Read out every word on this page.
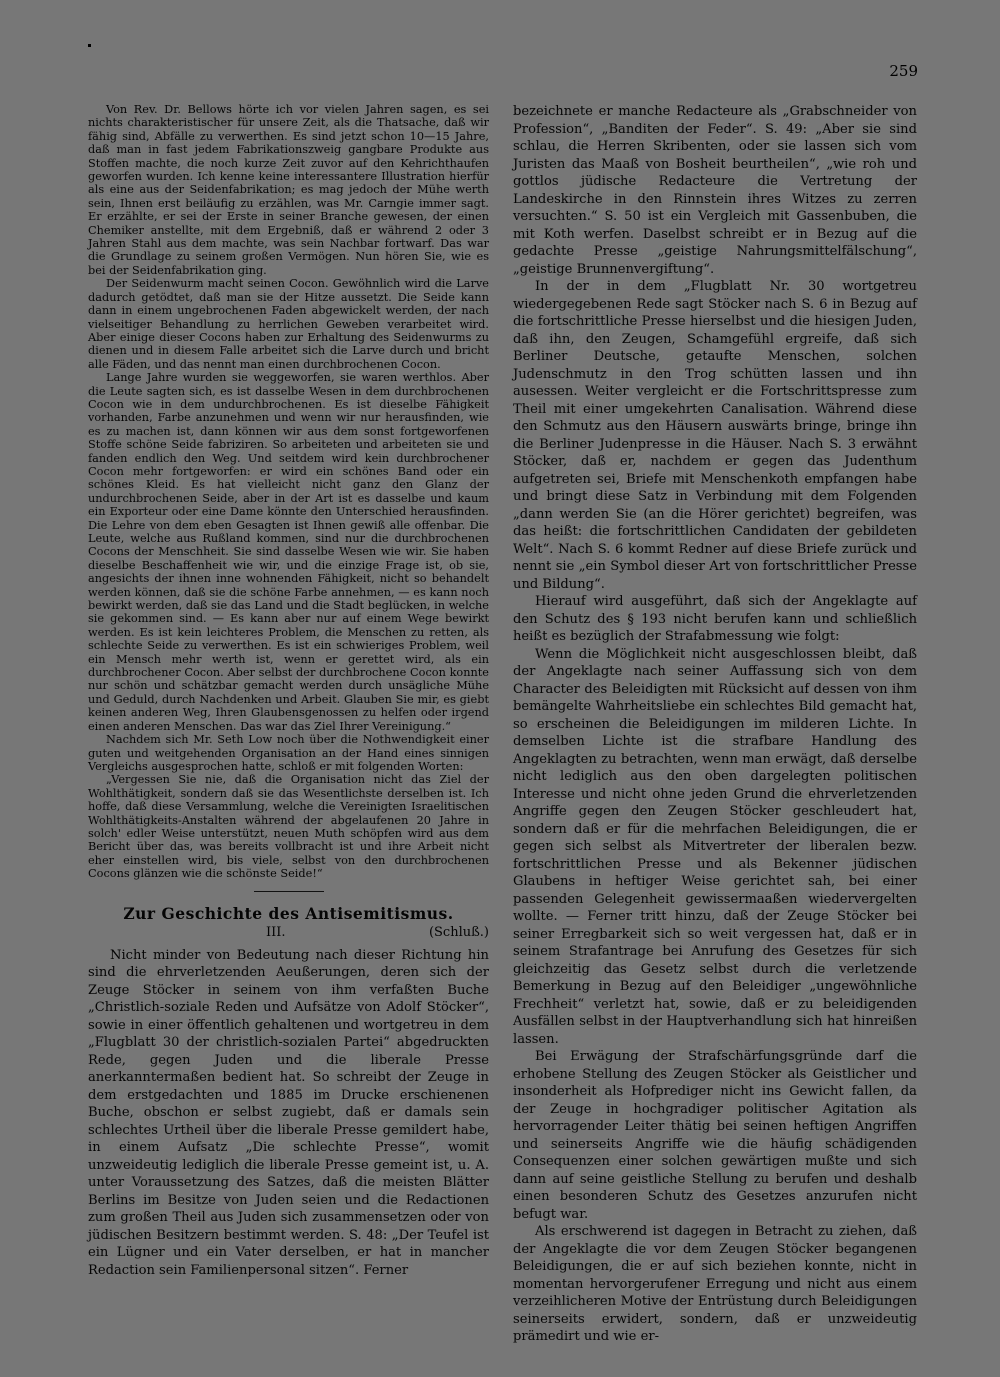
259

Von Rev. Dr. Bellows hörte ich vor vielen Jahren sagen, es sei nichts charakteristischer für unsere Zeit, als die Thatsache, daß wir fähig sind, Abfälle zu verwerthen. Es sind jetzt schon 10—15 Jahre, daß man in fast jedem Fabrikationszweig gangbare Produkte aus Stoffen machte, die noch kurze Zeit zuvor auf den Kehrichthaufen geworfen wurden. Ich kenne keine interessantere Illustration hierfür als eine aus der Seidenfabrikation; es mag jedoch der Mühe werth sein, Ihnen erst beiläufig zu erzählen, was Mr. Carngie immer sagt. Er erzählte, er sei der Erste in seiner Branche gewesen, der einen Chemiker anstellte, mit dem Ergebniß, daß er während 2 oder 3 Jahren Stahl aus dem machte, was sein Nachbar fortwarf. Das war die Grundlage zu seinem großen Vermögen. Nun hören Sie, wie es bei der Seidenfabrikation ging.

Der Seidenwurm macht seinen Cocon. Gewöhnlich wird die Larve dadurch getödtet, daß man sie der Hitze aussetzt. Die Seide kann dann in einem ungebrochenen Faden abgewickelt werden, der nach vielseitiger Behandlung zu herrlichen Geweben verarbeitet wird. Aber einige dieser Cocons haben zur Erhaltung des Seidenwurms zu dienen und in diesem Falle arbeitet sich die Larve durch und bricht alle Fäden, und das nennt man einen durchbrochenen Cocon.

Lange Jahre wurden sie weggeworfen, sie waren werthlos. Aber die Leute sagten sich, es ist dasselbe Wesen in dem durchbrochenen Cocon wie in dem undurchbrochenen. Es ist dieselbe Fähigkeit vorhanden, Farbe anzunehmen und wenn wir nur herausfinden, wie es zu machen ist, dann können wir aus dem sonst fortgeworfenen Stoffe schöne Seide fabriziren. So arbeiteten und arbeiteten sie und fanden endlich den Weg. Und seitdem wird kein durchbrochener Cocon mehr fortgeworfen: er wird ein schönes Band oder ein schönes Kleid. Es hat vielleicht nicht ganz den Glanz der undurchbrochenen Seide, aber in der Art ist es dasselbe und kaum ein Exporteur oder eine Dame könnte den Unterschied herausfinden. Die Lehre von dem eben Gesagten ist Ihnen gewiß alle offenbar. Die Leute, welche aus Rußland kommen, sind nur die durchbrochenen Cocons der Menschheit. Sie sind dasselbe Wesen wie wir. Sie haben dieselbe Beschaffenheit wie wir, und die einzige Frage ist, ob sie, angesichts der ihnen inne wohnenden Fähigkeit, nicht so behandelt werden können, daß sie die schöne Farbe annehmen, — es kann noch bewirkt werden, daß sie das Land und die Stadt beglücken, in welche sie gekommen sind. — Es kann aber nur auf einem Wege bewirkt werden. Es ist kein leichteres Problem, die Menschen zu retten, als schlechte Seide zu verwerthen. Es ist ein schwieriges Problem, weil ein Mensch mehr werth ist, wenn er gerettet wird, als ein durchbrochener Cocon. Aber selbst der durchbrochene Cocon konnte nur schön und schätzbar gemacht werden durch unsägliche Mühe und Geduld, durch Nachdenken und Arbeit. Glauben Sie mir, es giebt keinen anderen Weg, Ihren Glaubensgenossen zu helfen oder irgend einen anderen Menschen. Das war das Ziel Ihrer Vereinigung.“

Nachdem sich Mr. Seth Low noch über die Nothwendigkeit einer guten und weitgehenden Organisation an der Hand eines sinnigen Vergleichs ausgesprochen hatte, schloß er mit folgenden Worten:

„Vergessen Sie nie, daß die Organisation nicht das Ziel der Wohlthätigkeit, sondern daß sie das Wesentlichste derselben ist. Ich hoffe, daß diese Versammlung, welche die Vereinigten Israelitischen Wohlthätigkeits-Anstalten während der abgelaufenen 20 Jahre in solch' edler Weise unterstützt, neuen Muth schöpfen wird aus dem Bericht über das, was bereits vollbracht ist und ihre Arbeit nicht eher einstellen wird, bis viele, selbst von den durchbrochenen Cocons glänzen wie die schönste Seide!“

Zur Geschichte des Antisemitismus.

III.	(Schluß.)

Nicht minder von Bedeutung nach dieser Richtung hin sind die ehrverletzenden Aeußerungen, deren sich der Zeuge Stöcker in seinem von ihm verfaßten Buche „Christlich-soziale Reden und Aufsätze von Adolf Stöcker“, sowie in einer öffentlich gehaltenen und wortgetreu in dem „Flugblatt 30 der christlich-sozialen Partei“ abgedruckten Rede, gegen Juden und die liberale Presse anerkanntermaßen bedient hat. So schreibt der Zeuge in dem erstgedachten und 1885 im Drucke erschienenen Buche, obschon er selbst zugiebt, daß er damals sein schlechtes Urtheil über die liberale Presse gemildert habe, in einem Aufsatz „Die schlechte Presse“, womit unzweideutig lediglich die liberale Presse gemeint ist, u. A. unter Voraussetzung des Satzes, daß die meisten Blätter Berlins im Besitze von Juden seien und die Redactionen zum großen Theil aus Juden sich zusammensetzen oder von jüdischen Besitzern bestimmt werden. S. 48: „Der Teufel ist ein Lügner und ein Vater derselben, er hat in mancher Redaction sein Familienpersonal sitzen“. Ferner

bezeichnete er manche Redacteure als „Grabschneider von Profession“, „Banditen der Feder“. S. 49: „Aber sie sind schlau, die Herren Skribenten, oder sie lassen sich vom Juristen das Maaß von Bosheit beurtheilen“, „wie roh und gottlos jüdische Redacteure die Vertretung der Landeskirche in den Rinnstein ihres Witzes zu zerren versuchten.“ S. 50 ist ein Vergleich mit Gassenbuben, die mit Koth werfen. Daselbst schreibt er in Bezug auf die gedachte Presse „geistige Nahrungsmittelfälschung“, „geistige Brunnenvergiftung“.

In der in dem „Flugblatt Nr. 30 wortgetreu wiedergegebenen Rede sagt Stöcker nach S. 6 in Bezug auf die fortschrittliche Presse hierselbst und die hiesigen Juden, daß ihn, den Zeugen, Schamgefühl ergreife, daß sich Berliner Deutsche, getaufte Menschen, solchen Judenschmutz in den Trog schütten lassen und ihn ausessen. Weiter vergleicht er die Fortschrittspresse zum Theil mit einer umgekehrten Canalisation. Während diese den Schmutz aus den Häusern auswärts bringe, bringe ihn die Berliner Judenpresse in die Häuser. Nach S. 3 erwähnt Stöcker, daß er, nachdem er gegen das Judenthum aufgetreten sei, Briefe mit Menschenkoth empfangen habe und bringt diese Satz in Verbindung mit dem Folgenden „dann werden Sie (an die Hörer gerichtet) begreifen, was das heißt: die fortschrittlichen Candidaten der gebildeten Welt“. Nach S. 6 kommt Redner auf diese Briefe zurück und nennt sie „ein Symbol dieser Art von fortschrittlicher Presse und Bildung“.

Hierauf wird ausgeführt, daß sich der Angeklagte auf den Schutz des § 193 nicht berufen kann und schließlich heißt es bezüglich der Strafabmessung wie folgt:

Wenn die Möglichkeit nicht ausgeschlossen bleibt, daß der Angeklagte nach seiner Auffassung sich von dem Character des Beleidigten mit Rücksicht auf dessen von ihm bemängelte Wahrheitsliebe ein schlechtes Bild gemacht hat, so erscheinen die Beleidigungen im milderen Lichte. In demselben Lichte ist die strafbare Handlung des Angeklagten zu betrachten, wenn man erwägt, daß derselbe nicht lediglich aus den oben dargelegten politischen Interesse und nicht ohne jeden Grund die ehrverletzenden Angriffe gegen den Zeugen Stöcker geschleudert hat, sondern daß er für die mehrfachen Beleidigungen, die er gegen sich selbst als Mitvertreter der liberalen bezw. fortschrittlichen Presse und als Bekenner jüdischen Glaubens in heftiger Weise gerichtet sah, bei einer passenden Gelegenheit gewissermaaßen wiedervergelten wollte. — Ferner tritt hinzu, daß der Zeuge Stöcker bei seiner Erregbarkeit sich so weit vergessen hat, daß er in seinem Strafantrage bei Anrufung des Gesetzes für sich gleichzeitig das Gesetz selbst durch die verletzende Bemerkung in Bezug auf den Beleidiger „ungewöhnliche Frechheit“ verletzt hat, sowie, daß er zu beleidigenden Ausfällen selbst in der Hauptverhandlung sich hat hinreißen lassen.

Bei Erwägung der Strafschärfungsgründe darf die erhobene Stellung des Zeugen Stöcker als Geistlicher und insonderheit als Hofprediger nicht ins Gewicht fallen, da der Zeuge in hochgradiger politischer Agitation als hervorragender Leiter thätig bei seinen heftigen Angriffen und seinerseits Angriffe wie die häufig schädigenden Consequenzen einer solchen gewärtigen mußte und sich dann auf seine geistliche Stellung zu berufen und deshalb einen besonderen Schutz des Gesetzes anzurufen nicht befugt war.

Als erschwerend ist dagegen in Betracht zu ziehen, daß der Angeklagte die vor dem Zeugen Stöcker begangenen Beleidigungen, die er auf sich beziehen konnte, nicht in momentan hervorgerufener Erregung und nicht aus einem verzeihlicheren Motive der Entrüstung durch Beleidigungen seinerseits erwidert, sondern, daß er unzweideutig prämedirt und wie er-
